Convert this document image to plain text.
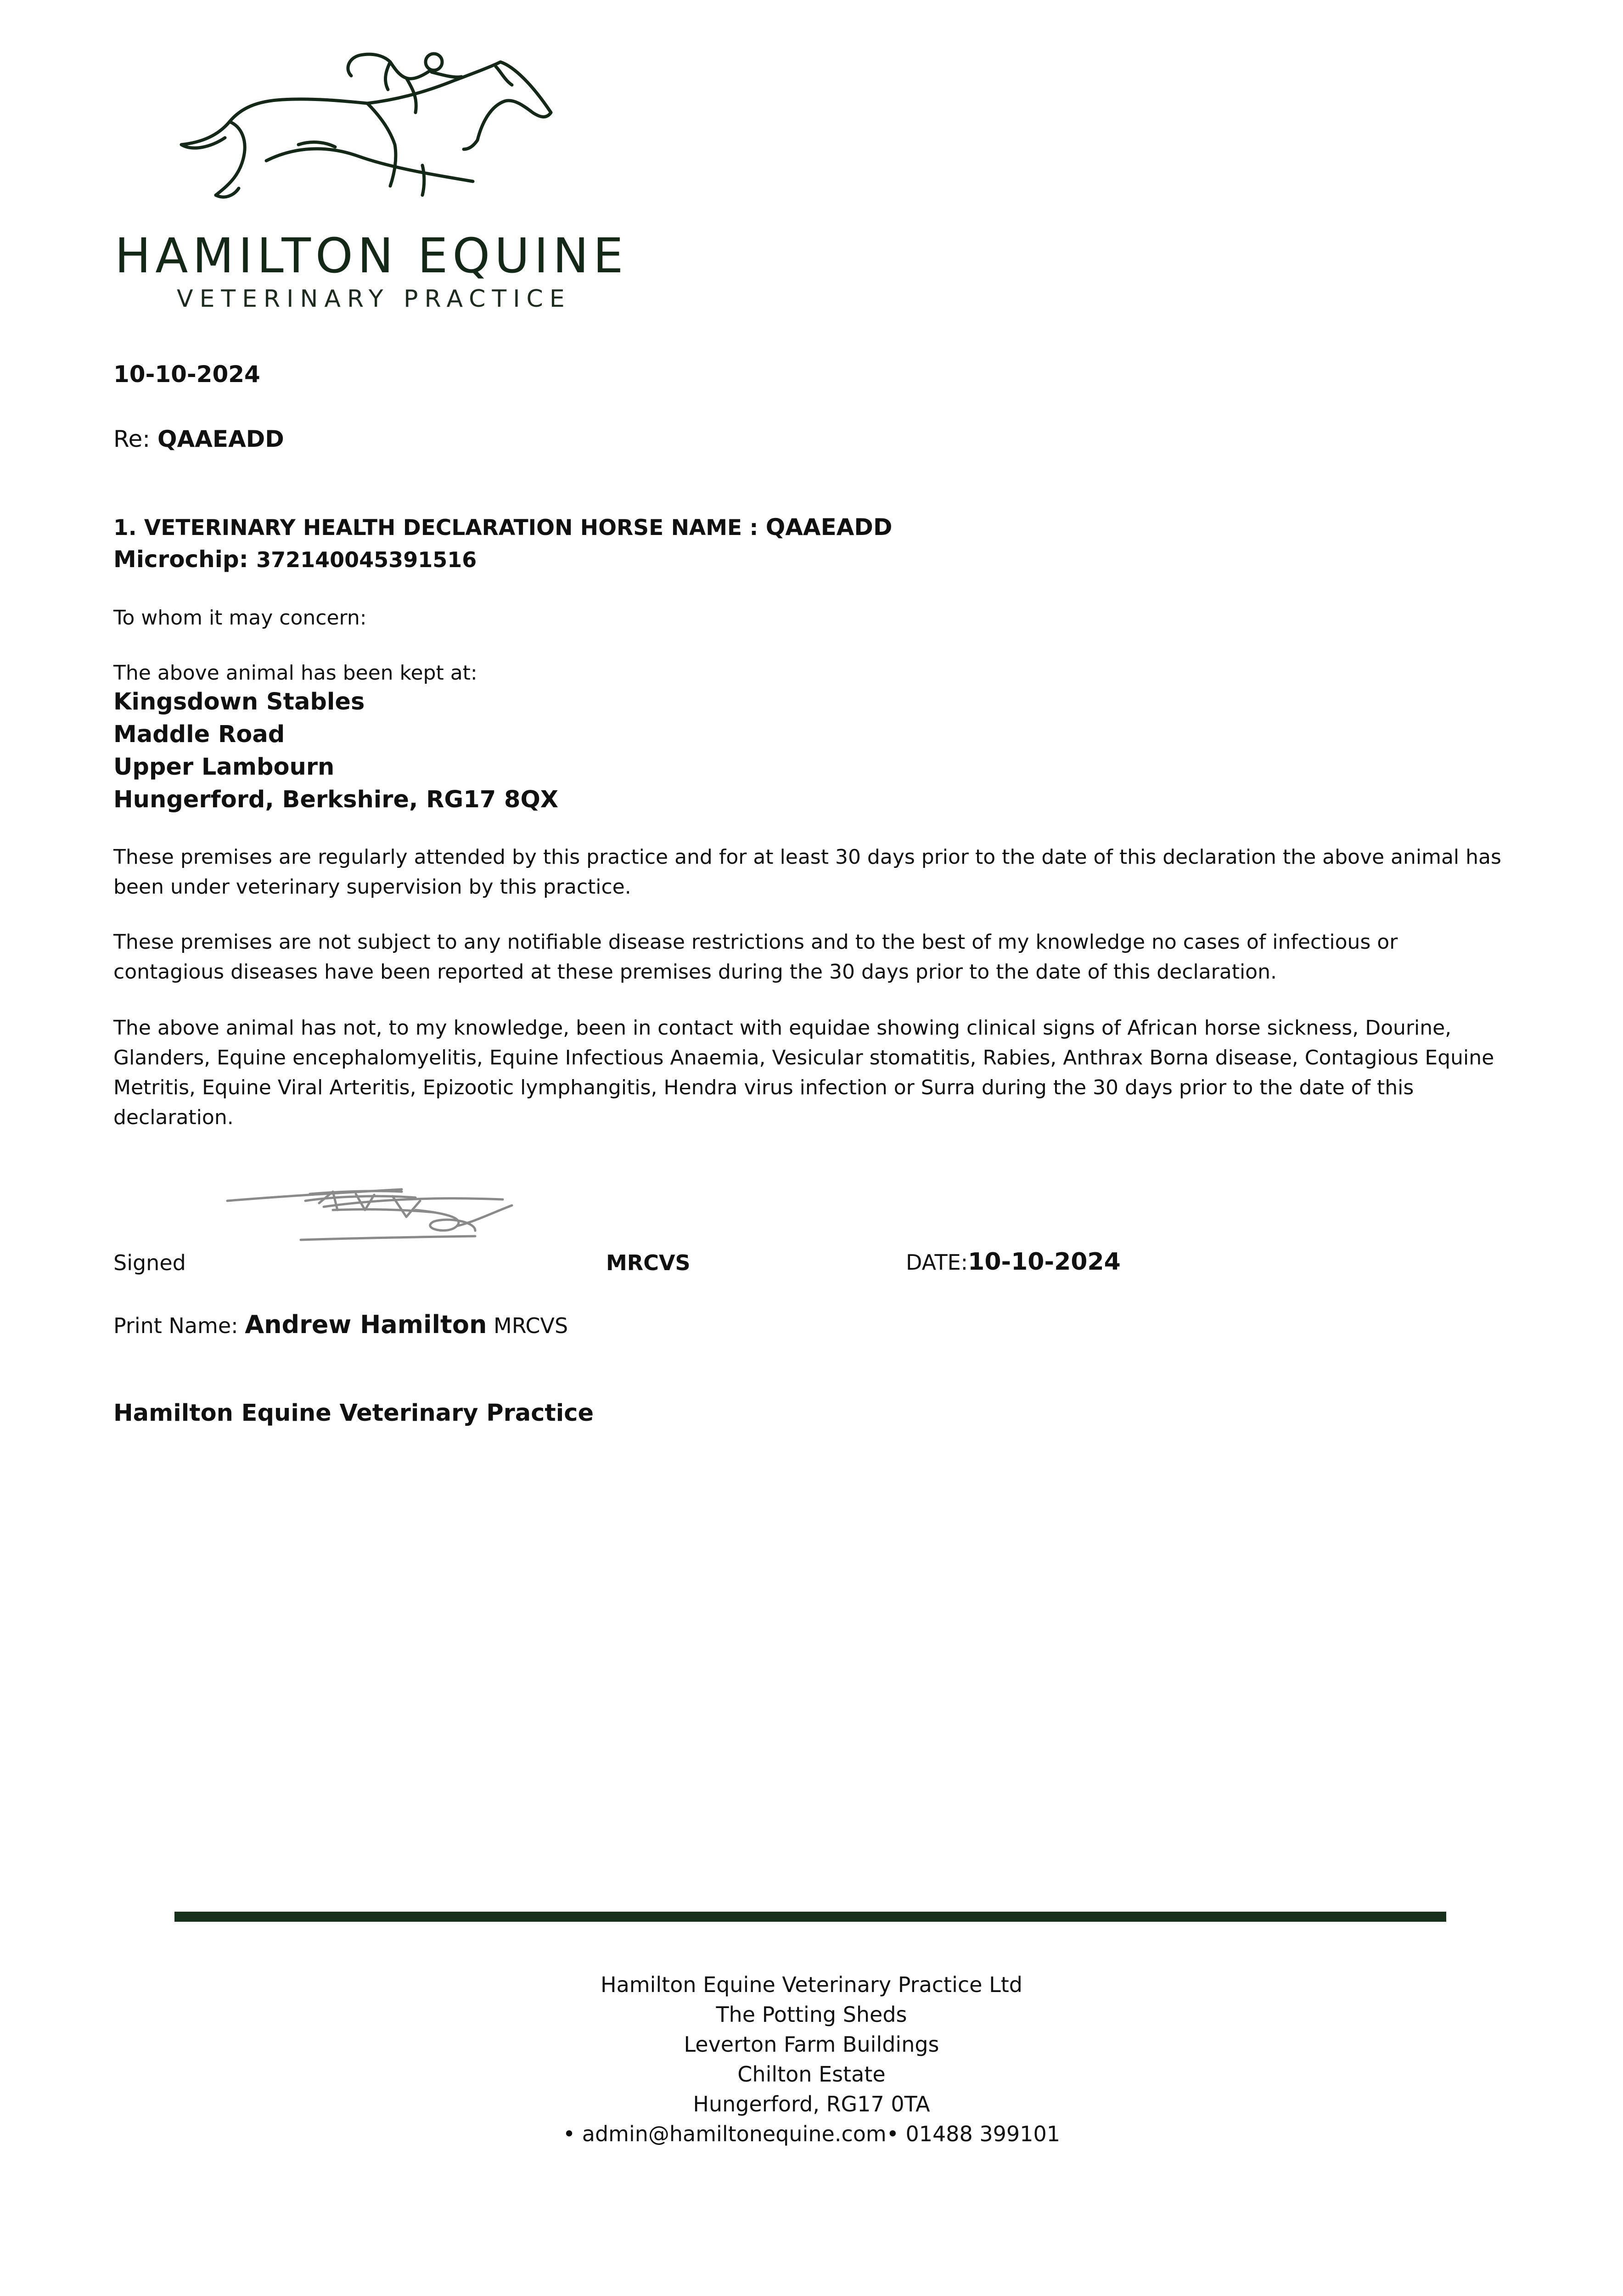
HAMILTON EQUINE
VETERINARY PRACTICE
10-10-2024
Re: QAAEADD
1. VETERINARY HEALTH DECLARATION HORSE NAME : QAAEADD
Microchip: 372140045391516
To whom it may concern:
The above animal has been kept at:
Kingsdown Stables
Maddle Road
Upper Lambourn
Hungerford, Berkshire, RG17 8QX

These premises are regularly attended by this practice and for at least 30 days prior to the date of this declaration the above animal has been under veterinary supervision by this practice.

These premises are not subject to any notifiable disease restrictions and to the best of my knowledge no cases of infectious or contagious diseases have been reported at these premises during the 30 days prior to the date of this declaration.

The above animal has not, to my knowledge, been in contact with equidae showing clinical signs of African horse sickness, Dourine, Glanders, Equine encephalomyelitis, Equine Infectious Anaemia, Vesicular stomatitis, Rabies, Anthrax Borna disease, Contagious Equine Metritis, Equine Viral Arteritis, Epizootic lymphangitis, Hendra virus infection or Surra during the 30 days prior to the date of this declaration.

Signed	MRCVS	DATE:10-10-2024
Print Name: Andrew Hamilton MRCVS
Hamilton Equine Veterinary Practice
Hamilton Equine Veterinary Practice Ltd
The Potting Sheds
Leverton Farm Buildings
Chilton Estate
Hungerford, RG17 0TA
• admin@hamiltonequine.com• 01488 399101
